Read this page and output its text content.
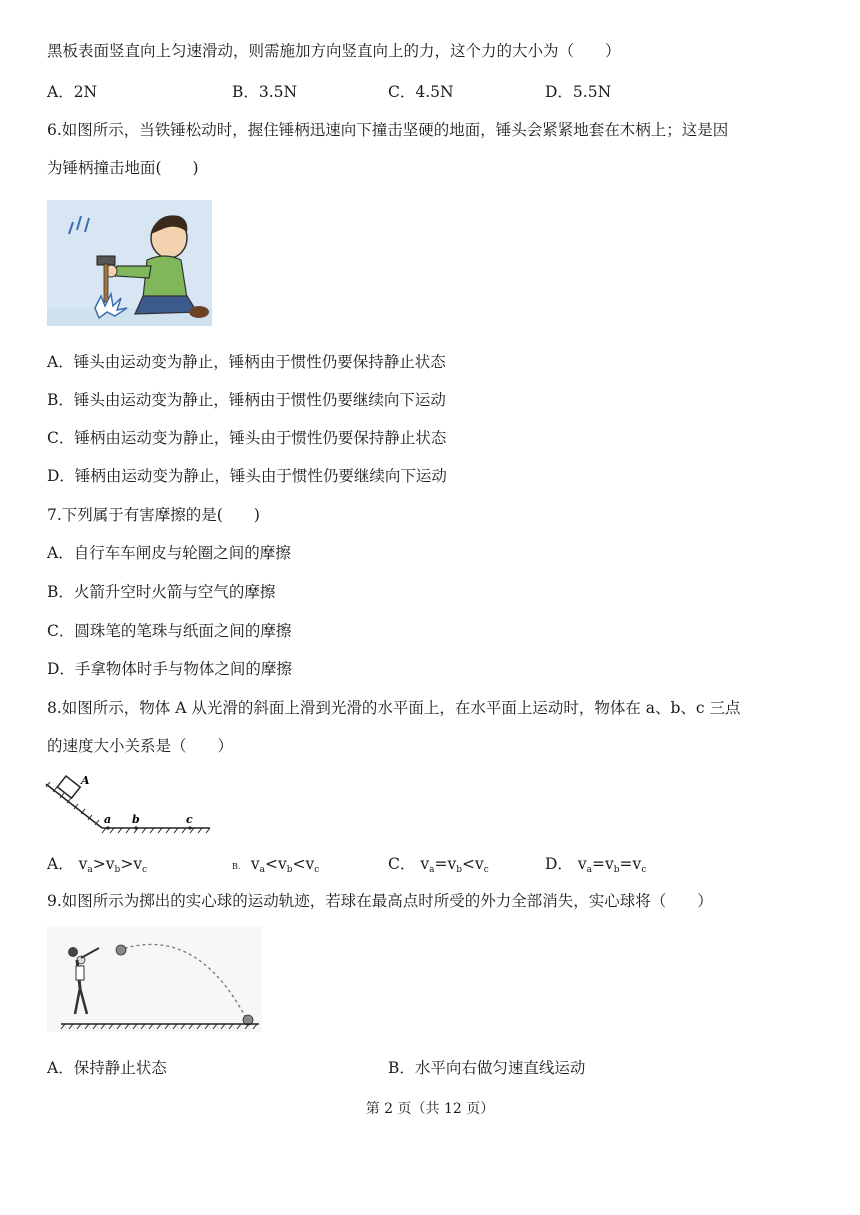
黑板表面竖直向上匀速滑动，则需施加方向竖直向上的力，这个力的大小为（　　）
A．2N	B．3.5N	C．4.5N	D．5.5N
6.如图所示，当铁锤松动时，握住锤柄迅速向下撞击坚硬的地面，锤头会紧紧地套在木柄上；这是因
为锤柄撞击地面(　　)
A．锤头由运动变为静止，锤柄由于惯性仍要保持静止状态
B．锤头由运动变为静止，锤柄由于惯性仍要继续向下运动
C．锤柄由运动变为静止，锤头由于惯性仍要保持静止状态
D．锤柄由运动变为静止，锤头由于惯性仍要继续向下运动
7.下列属于有害摩擦的是(　　)
A．自行车车闸皮与轮圈之间的摩擦
B．火箭升空时火箭与空气的摩擦
C．圆珠笔的笔珠与纸面之间的摩擦
D．手拿物体时手与物体之间的摩擦
8.如图所示，物体 A 从光滑的斜面上滑到光滑的水平面上，在水平面上运动时，物体在 a、b、c 三点
的速度大小关系是（　　）
A
a b	c
A． $v_a>v_b>v_c$	B． $v_a<v_b<v_c$	C． $v_a=v_b<v_c$	D． $v_a=v_b=v_c$
9.如图所示为掷出的实心球的运动轨迹，若球在最高点时所受的外力全部消失，实心球将（　　）
A．保持静止状态	B．水平向右做匀速直线运动
第 2 页（共 12 页）
